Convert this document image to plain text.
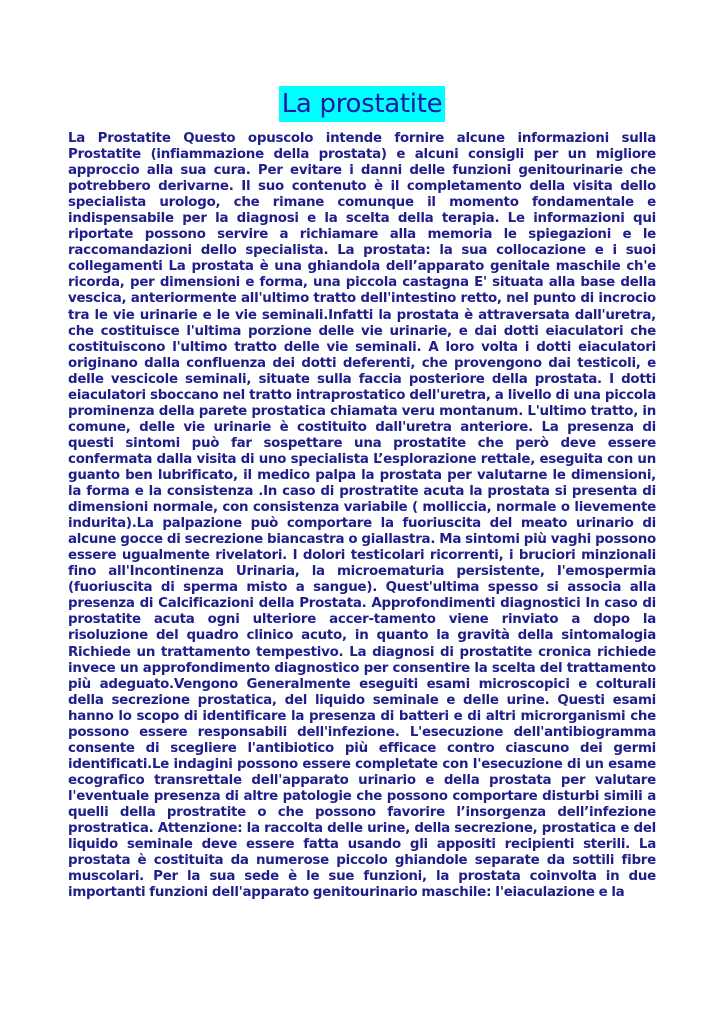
La prostatite

La Prostatite Questo opuscolo intende fornire alcune informazioni sulla Prostatite (infiammazione della prostata) e alcuni consigli per un migliore approccio alla sua cura. Per evitare i danni delle funzioni genitourinarie che potrebbero derivarne. Il suo contenuto è il completamento della visita dello specialista urologo, che rimane comunque il momento fondamentale e indispensabile per la diagnosi e la scelta della terapia. Le informazioni qui riportate possono servire a richiamare alla memoria le spiegazioni e le raccomandazioni dello specialista. La prostata: la sua collocazione e i suoi collegamenti La prostata è una ghiandola dell’apparato genitale maschile ch'e ricorda, per dimensioni e forma, una piccola castagna E' situata alla base della vescica, anteriormente all'ultimo tratto dell'intestino retto, nel punto di incrocio tra le vie urinarie e le vie seminali.Infatti la prostata è attraversata dall'uretra, che costituisce l'ultima porzione delle vie urinarie, e dai dotti eiaculatori che costituiscono l'ultimo tratto delle vie seminali. A loro volta i dotti eiaculatori originano dalla confluenza dei dotti deferenti, che provengono dai testicoli, e delle vescicole seminali, situate sulla faccia posteriore della prostata. I dotti eiaculatori sboccano nel tratto intraprostatico dell'uretra, a livello di una piccola prominenza della parete prostatica chiamata veru montanum. L'ultimo tratto, in comune, delle vie urinarie è costituito dall'uretra anteriore. La presenza di questi sintomi può far sospettare una prostatite che però deve essere confermata dalla visita di uno specialista L’esplorazione rettale, eseguita con un guanto ben lubrificato, il medico palpa la prostata per valutarne le dimensioni, la forma e la consistenza .In caso di prostratite acuta la prostata si presenta di dimensioni normale, con consistenza variabile ( molliccia, normale o lievemente indurita).La palpazione può comportare la fuoriuscita del meato urinario di alcune gocce di secrezione biancastra o giallastra. Ma sintomi più vaghi possono essere ugualmente rivelatori. I dolori testicolari ricorrenti, i bruciori minzionali fino all'Incontinenza Urinaria, la microematuria persistente, I'emospermia (fuoriuscita di sperma misto a sangue). Quest'ultima spesso si associa alla presenza di Calcificazioni della Prostata. Approfondimenti diagnostici In caso di prostatite acuta ogni ulteriore accer-tamento viene rinviato a dopo la risoluzione del quadro clinico acuto, in quanto la gravità della sintomalogia Richiede un trattamento tempestivo. La diagnosi di prostatite cronica richiede invece un approfondimento diagnostico per consentire la scelta del trattamento più adeguato.Vengono Generalmente eseguiti esami microscopici e colturali della secrezione prostatica, del liquido seminale e delle urine. Questi esami hanno lo scopo di identificare la presenza di batteri e di altri microrganismi che possono essere responsabili dell'infezione. L'esecuzione dell'antibiogramma consente di scegliere l'antibiotico più efficace contro ciascuno dei germi identificati.Le indagini possono essere completate con I'esecuzione di un esame ecografico transrettale dell'apparato urinario e della prostata per valutare l'eventuale presenza di altre patologie che possono comportare disturbi simili a quelli della prostratite o che possono favorire l’insorgenza dell’infezione prostratica. Attenzione: la raccolta delle urine, della secrezione, prostatica e del liquido seminale deve essere fatta usando gli appositi recipienti sterili. La prostata è costituita da numerose piccolo ghiandole separate da sottili fibre muscolari. Per la sua sede è le sue funzioni, la prostata coinvolta in due importanti funzioni dell'apparato genitourinario maschile: I'eiaculazione e la
